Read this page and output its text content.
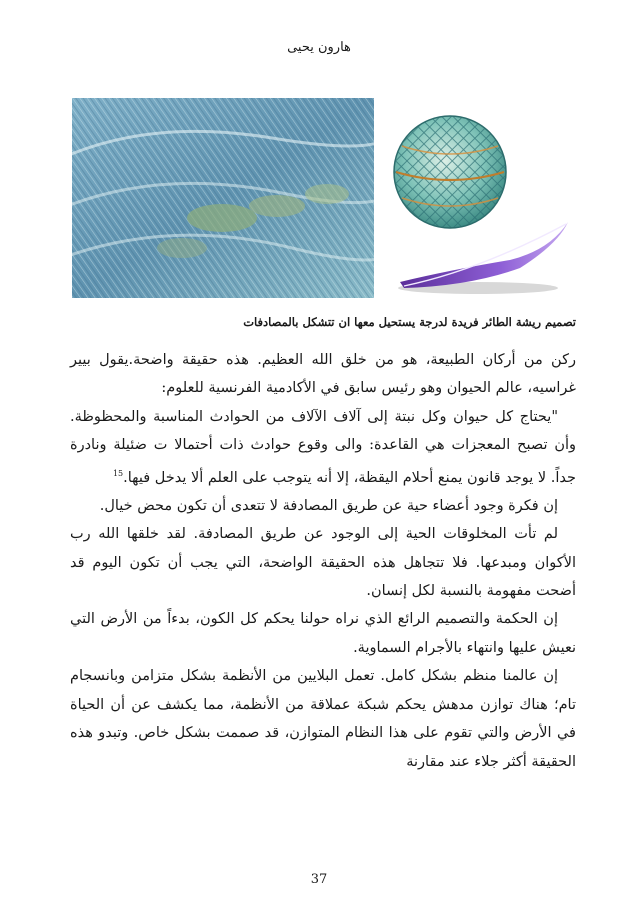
هارون يحيى
تصميم ريشة الطائر فريدة لدرجة يستحيل معها ان تتشكل بالمصادفات

ركن من أركان الطبيعة، هو من خلق الله العظيم. هذه حقيقة واضحة.يقول بيير غراسيه، عالم الحيوان وهو رئيس سابق في الأكادمية الفرنسية للعلوم:

"يحتاج كل حيوان وكل نبتة إلى آلاف الآلاف من الحوادث المناسبة والمحظوظة. وأن تصبح المعجزات هي القاعدة: والى وقوع حوادث ذات أحتمالا ت ضئيلة ونادرة جداً. لا يوجد قانون يمنع أحلام اليقظة، إلا أنه يتوجب على العلم ألا يدخل فيها.$^{15}$

إن فكرة وجود أعضاء حية عن طريق المصادفة لا تتعدى أن تكون محض خيال.

لم تأت المخلوقات الحية إلى الوجود عن طريق المصادفة. لقد خلقها الله رب الأكوان ومبدعها. فلا تتجاهل هذه الحقيقة الواضحة، التي يجب أن تكون اليوم قد أضحت مفهومة بالنسبة لكل إنسان.

إن الحكمة والتصميم الرائع الذي نراه حولنا يحكم كل الكون، بدءاً من الأرض التي نعيش عليها وانتهاء بالأجرام السماوية.

إن عالمنا منظم بشكل كامل. تعمل البلايين من الأنظمة بشكل متزامن وبانسجام تام؛ هناك توازن مدهش يحكم شبكة عملاقة من الأنظمة، مما يكشف عن أن الحياة في الأرض والتي تقوم على هذا النظام المتوازن، قد صممت بشكل خاص. وتبدو هذه الحقيقة أكثر جلاء عند مقارنة

37
